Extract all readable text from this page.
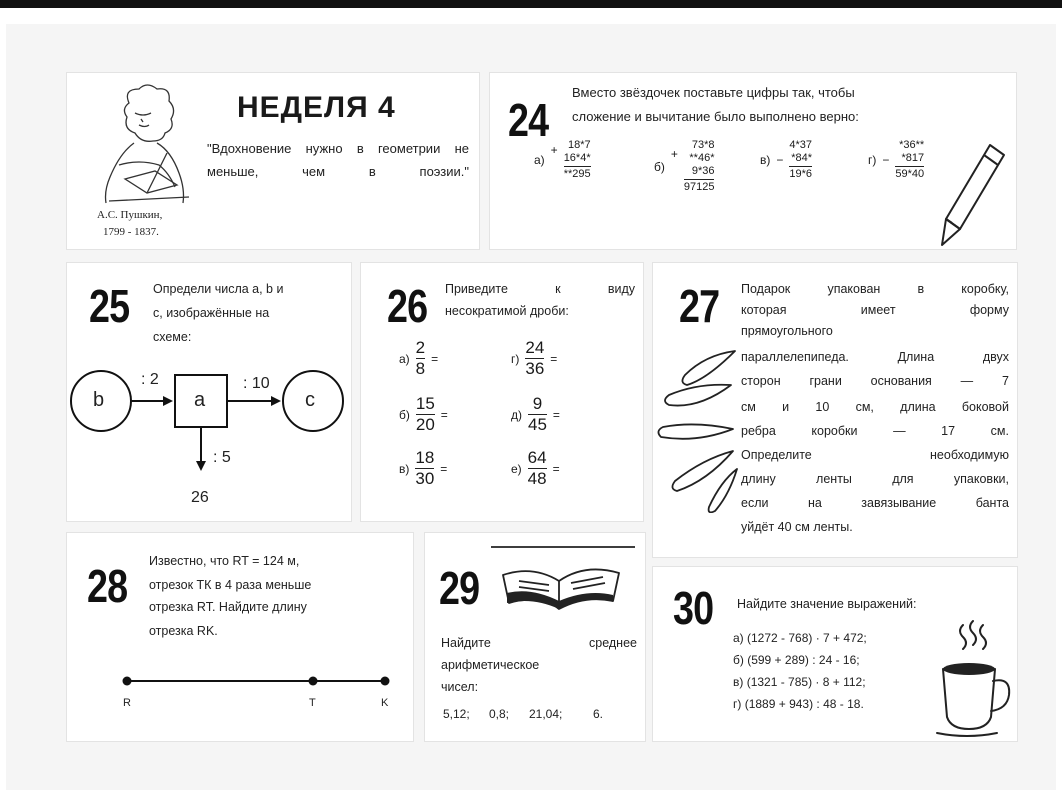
А.С. Пушкин,
1799 - 1837.
НЕДЕЛЯ 4
"Вдохновение нужно в геометрии не меньше, чем в поэзии."
24
Вместо звёздочек поставьте цифры так, чтобы
сложение и вычитание было выполнено верно:
а)
+ 18*7
16*4*
**295
б)
+
73*8
**46*
9*36
97125
в) −
4*37
*84*
19*6
г) −
*36**
*817
59*40
25 Определи числа a, b и
c, изображённые на
схеме:
b	a	c
: 2	: 10
: 5
26
26 Приведите к виду
несократимой дроби:
$а) \frac{2}{8}$ =
$б) \frac{15}{20}$ =
$в) \frac{18}{30}$ =
$г) \frac{24}{36}$ =
$д) \frac{9}{45}$ =
$е) \frac{64}{48}$ =
27 Подарок упакован в коробку,
которая имеет форму
прямоугольного
параллелепипеда. Длина двух
сторон грани основания — 7
см и 10 см, длина боковой
ребра коробки — 17 см.
Определите необходимую
длину ленты для упаковки,
если на завязывание банта
уйдёт 40 см ленты.
28 Известно, что RT = 124 м,
отрезок ТК в 4 раза меньше
отрезка RT. Найдите длину
отрезка RK.
R	T	K
29
Найдите среднее
арифметическое
чисел:
5,12; 0,8; 21,04;	6.
30 Найдите значение выражений:
а) (1272 - 768) · 7 + 472;
б) (599 + 289) : 24 - 16;
в) (1321 - 785) · 8 + 112;
г) (1889 + 943) : 48 - 18.
